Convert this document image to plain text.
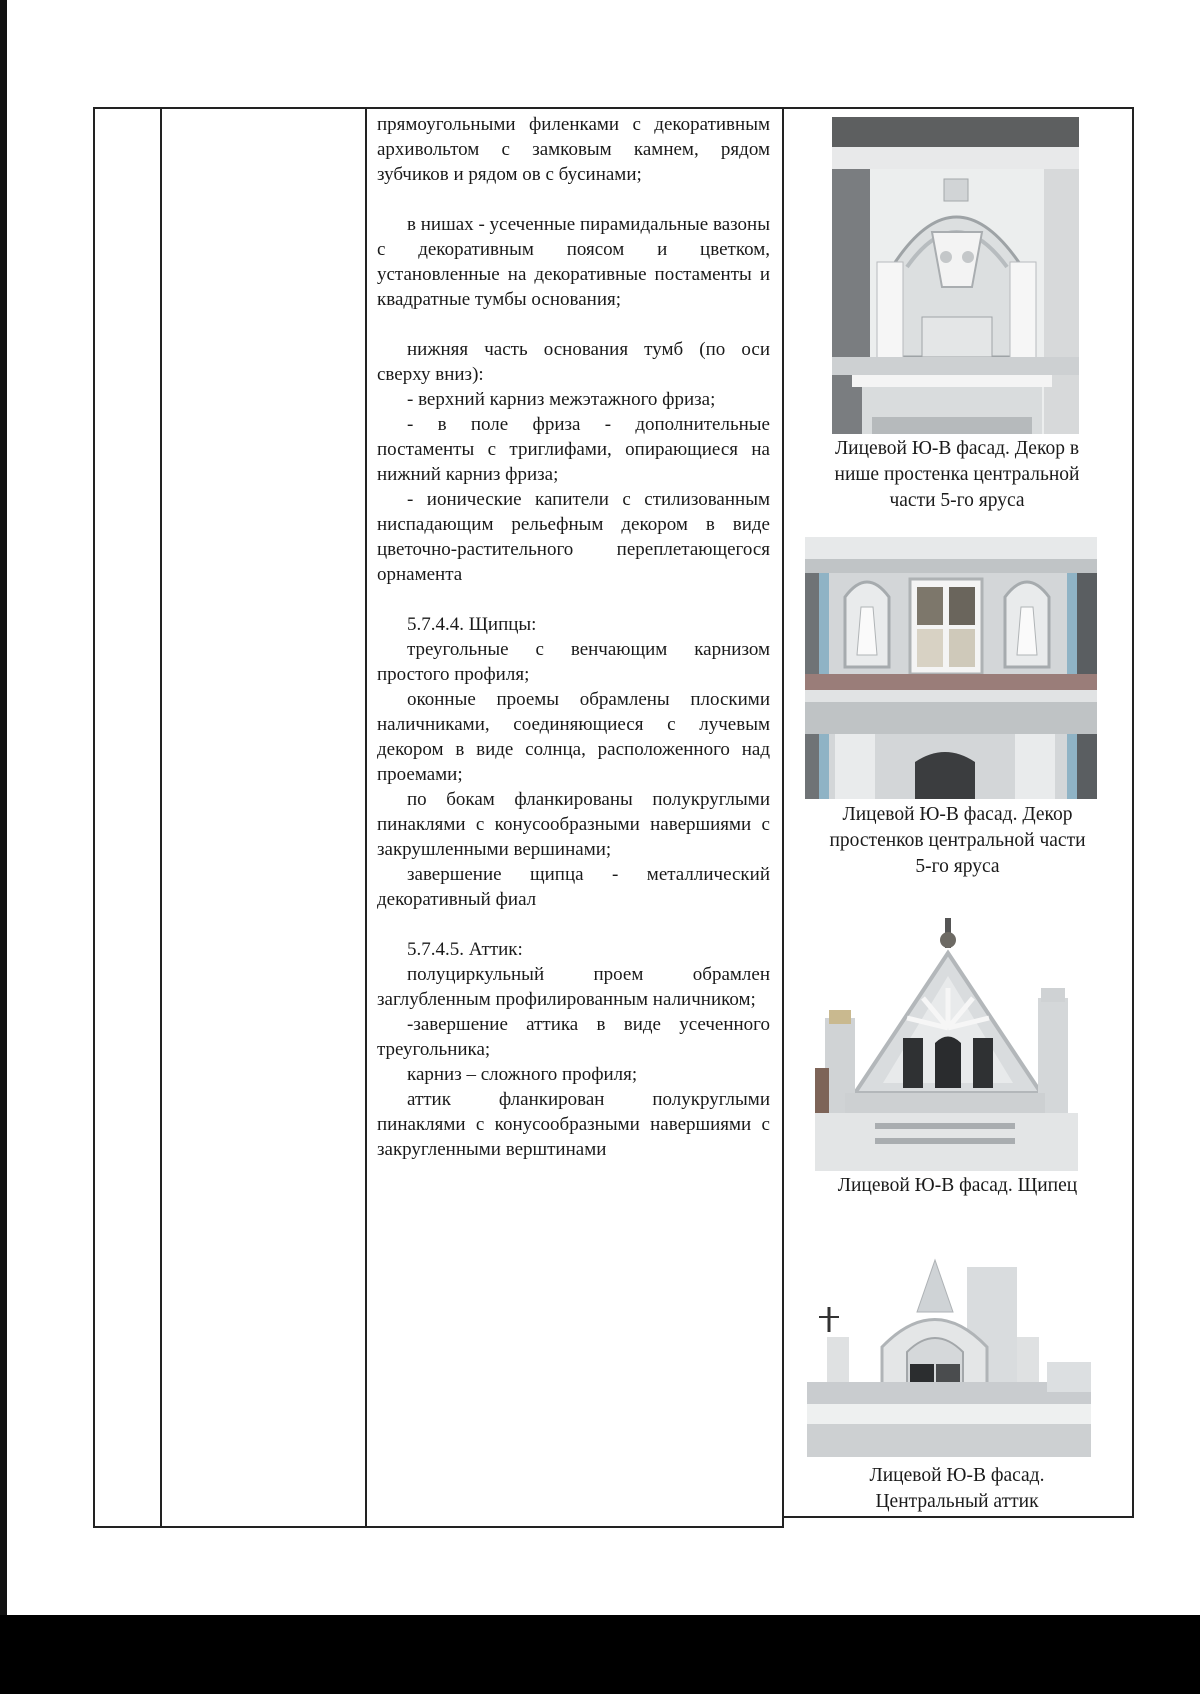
прямоугольными филенками с декоративным архивольтом с замковым камнем, рядом зубчиков и рядом ов с бусинами;

в нишах - усеченные пирамидальные вазоны с декоративным поясом и цветком, установленные на декоративные постаменты и квадратные тумбы основания;

нижняя часть основания тумб (по оси сверху вниз):

- верхний карниз межэтажного фриза;

- в поле фриза - дополнительные постаменты с триглифами, опирающиеся на нижний карниз фриза;

- ионические капители с стилизованным ниспадающим рельефным декором в виде цветочно-растительного переплетающегося орнамента

5.7.4.4. Щипцы:

треугольные с венчающим карнизом простого профиля;

оконные проемы обрамлены плоскими наличниками, соединяющиеся с лучевым декором в виде солнца, расположенного над проемами;

по бокам фланкированы полукруглыми пинаклями с конусообразными навершиями с закрушленными вершинами;

завершение щипца - металлический декоративный фиал

5.7.4.5. Аттик:

полуциркульный проем обрамлен заглубленным профилированным наличником;

-завершение аттика в виде усеченного треугольника;

карниз – сложного профиля;

аттик фланкирован полукруглыми пинаклями с конусообразными навершиями с закругленными верштинами

Лицевой Ю-В фасад. Декор в
нише простенка центральной
части 5-го яруса
Лицевой Ю-В фасад. Декор
простенков центральной части
5-го яруса
Лицевой Ю-В фасад. Щипец
Лицевой Ю-В фасад.
Центральный аттик
